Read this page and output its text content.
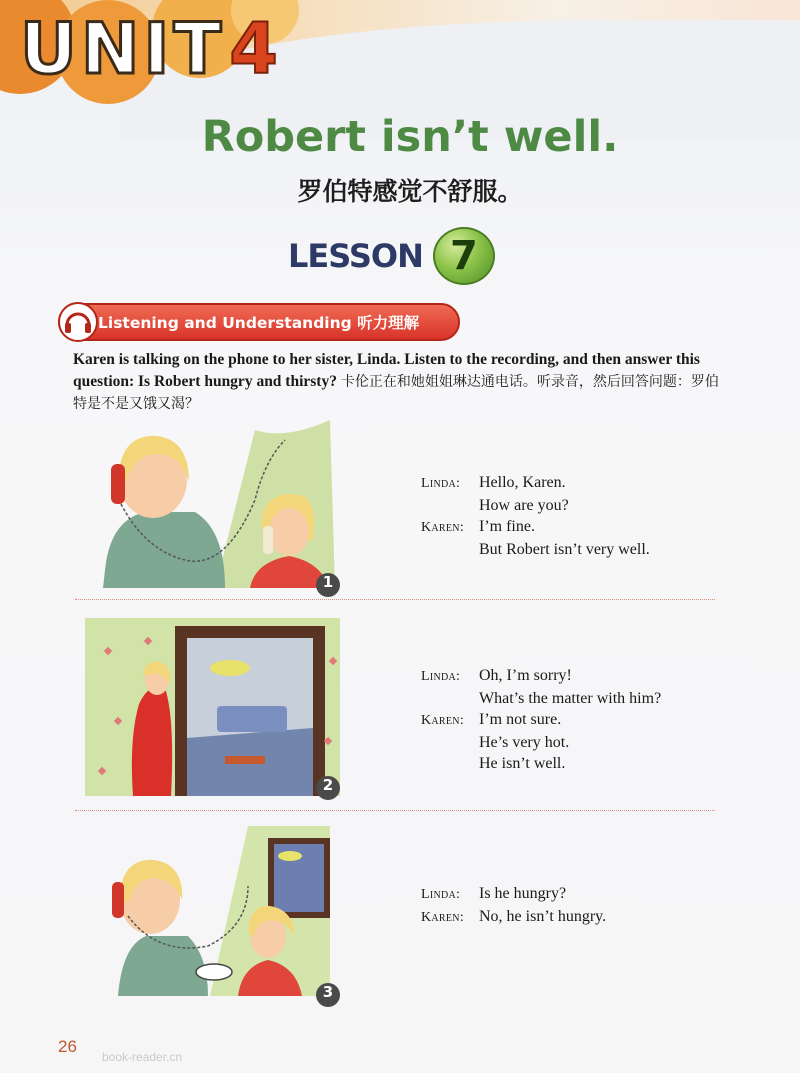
UNIT 4
Robert isn’t well.
罗伯特感觉不舒服。
LESSON 7
Listening and Understanding 听力理解
Karen is talking on the phone to her sister, Linda. Listen to the recording, and then answer this question: Is Robert hungry and thirsty? 卡伦正在和她姐姐琳达通电话。听录音，然后回答问题：罗伯特是不是又饿又渴？
1
Linda:	Hello, Karen.
How are you?
Karen: I’m fine.
But Robert isn’t very well.
2
Linda:	Oh, I’m sorry!
What’s the matter with him?
Karen: I’m not sure.
He’s very hot.
He isn’t well.
3
Linda:	Is he hungry?
Karen: No, he isn’t hungry.
26
book-reader.cn
